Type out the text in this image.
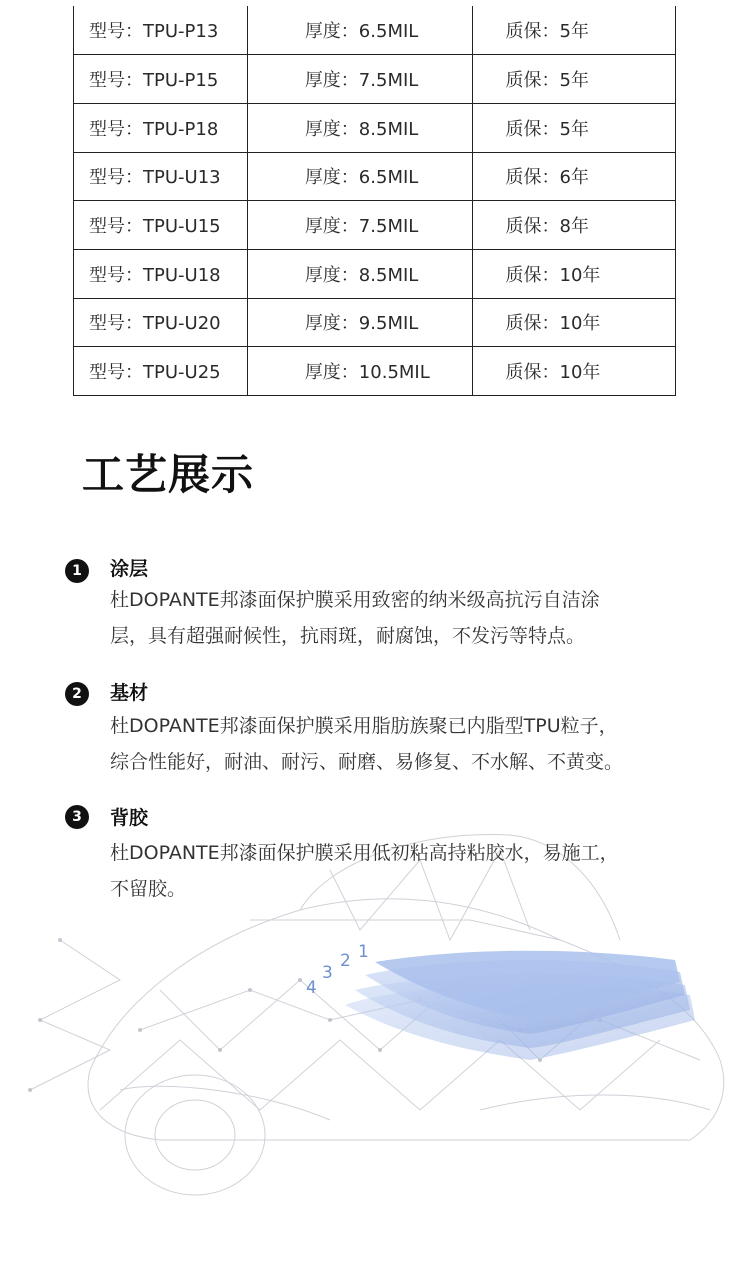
型号：TPU-P13	厚度：6.5MIL	质保：5年
型号：TPU-P15	厚度：7.5MIL	质保：5年
型号：TPU-P18	厚度：8.5MIL	质保：5年
型号：TPU-U13	厚度：6.5MIL	质保：6年
型号：TPU-U15	厚度：7.5MIL	质保：8年
型号：TPU-U18	厚度：8.5MIL	质保：10年
型号：TPU-U20	厚度：9.5MIL	质保：10年
型号：TPU-U25	厚度：10.5MIL	质保：10年
工艺展示
1
2
3
4
1	涂层
杜DOPANTE邦漆面保护膜采用致密的纳米级高抗污自洁涂
层，具有超强耐候性，抗雨斑，耐腐蚀，不发污等特点。
2	基材
杜DOPANTE邦漆面保护膜采用脂肪族聚已内脂型TPU粒子，
综合性能好，耐油、耐污、耐磨、易修复、不水解、不黄变。
3	背胶
杜DOPANTE邦漆面保护膜采用低初粘高持粘胶水，易施工，
不留胶。
